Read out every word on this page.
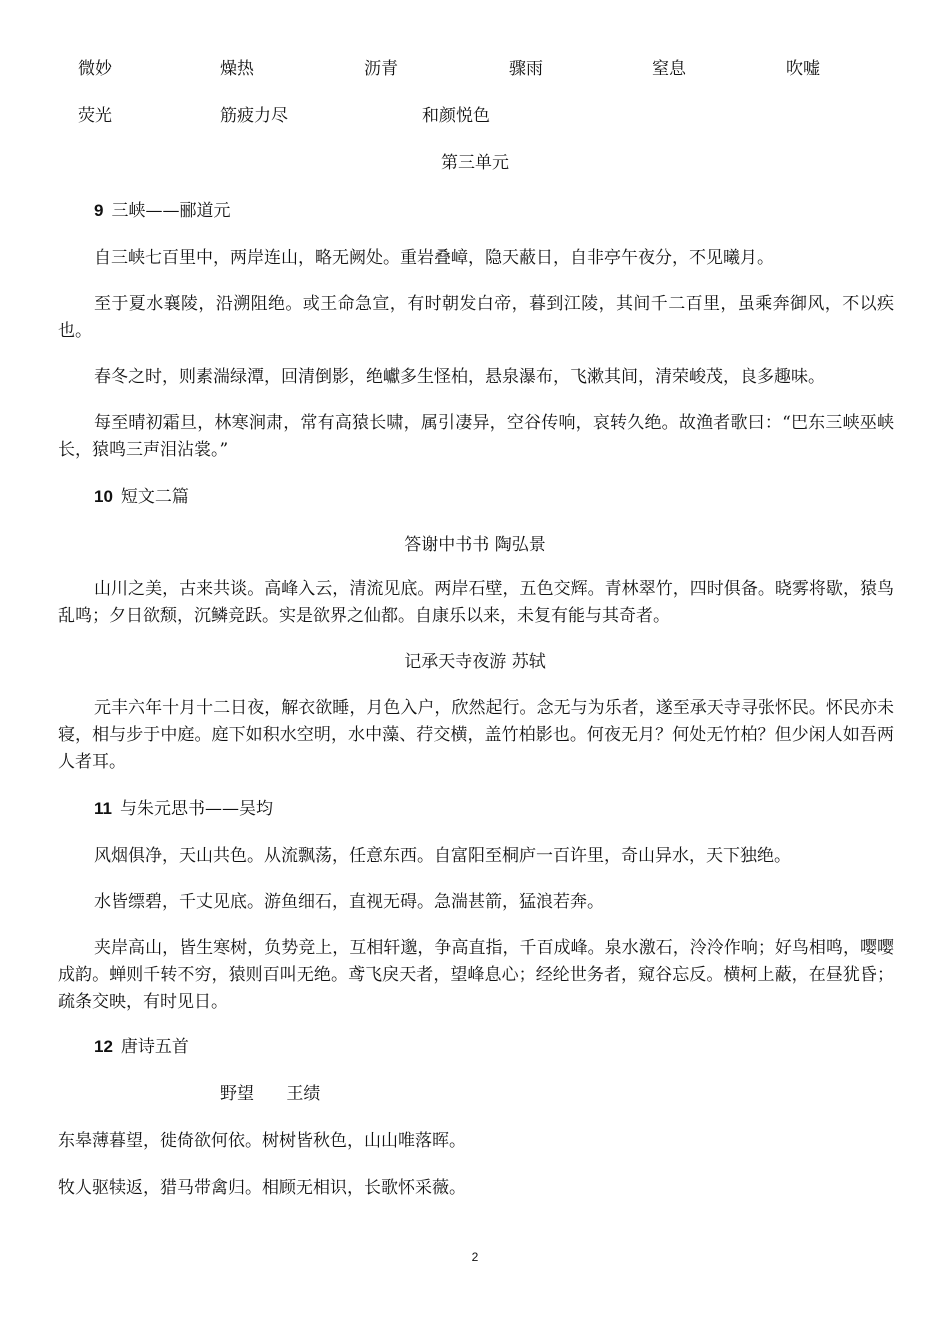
微妙	燥热	沥青	骤雨	窒息	吹嘘
荧光	筋疲力尽	和颜悦色
第三单元
9 三峡——郦道元
自三峡七百里中，两岸连山，略无阙处。重岩叠嶂，隐天蔽日，自非亭午夜分，不见曦月。
至于夏水襄陵，沿溯阻绝。或王命急宣，有时朝发白帝，暮到江陵，其间千二百里，虽乘奔御风，不以疾也。
春冬之时，则素湍绿潭，回清倒影，绝巘多生怪柏，悬泉瀑布，飞漱其间，清荣峻茂，良多趣味。
每至晴初霜旦，林寒涧肃，常有高猿长啸，属引凄异，空谷传响，哀转久绝。故渔者歌曰：“巴东三峡巫峡长，猿鸣三声泪沾裳。”
10 短文二篇
答谢中书书 陶弘景
山川之美，古来共谈。高峰入云，清流见底。两岸石壁，五色交辉。青林翠竹，四时俱备。晓雾将歇，猿鸟乱鸣；夕日欲颓，沉鳞竞跃。实是欲界之仙都。自康乐以来，未复有能与其奇者。
记承天寺夜游 苏轼
元丰六年十月十二日夜，解衣欲睡，月色入户，欣然起行。念无与为乐者，遂至承天寺寻张怀民。怀民亦未寝，相与步于中庭。庭下如积水空明，水中藻、荇交横，盖竹柏影也。何夜无月？何处无竹柏？但少闲人如吾两人者耳。
11 与朱元思书——吴均
风烟俱净，天山共色。从流飘荡，任意东西。自富阳至桐庐一百许里，奇山异水，天下独绝。
水皆缥碧，千丈见底。游鱼细石，直视无碍。急湍甚箭，猛浪若奔。
夹岸高山，皆生寒树，负势竞上，互相轩邈，争高直指，千百成峰。泉水激石，泠泠作响；好鸟相鸣，嘤嘤成韵。蝉则千转不穷，猿则百叫无绝。鸢飞戾天者，望峰息心；经纶世务者，窥谷忘反。横柯上蔽，在昼犹昏；疏条交映，有时见日。
12 唐诗五首
野望      王绩
东皋薄暮望，徙倚欲何依。树树皆秋色，山山唯落晖。
牧人驱犊返，猎马带禽归。相顾无相识，长歌怀采薇。
2
